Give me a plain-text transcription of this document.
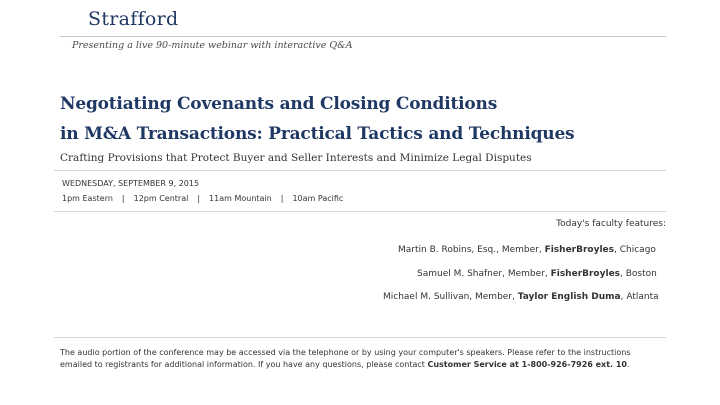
Strafford
Presenting a live 90-minute webinar with interactive Q&A
Negotiating Covenants and Closing Conditions
in M&A Transactions: Practical Tactics and Techniques
Crafting Provisions that Protect Buyer and Seller Interests and Minimize Legal Disputes
WEDNESDAY, SEPTEMBER 9, 2015
1pm Eastern | 12pm Central | 11am Mountain | 10am Pacific
Today's faculty features:
Martin B. Robins, Esq., Member, FisherBroyles, Chicago
Samuel M. Shafner, Member, FisherBroyles, Boston
Michael M. Sullivan, Member, Taylor English Duma, Atlanta
The audio portion of the conference may be accessed via the telephone or by using your computer's speakers. Please refer to the instructions emailed to registrants for additional information. If you have any questions, please contact Customer Service at 1-800-926-7926 ext. 10.
